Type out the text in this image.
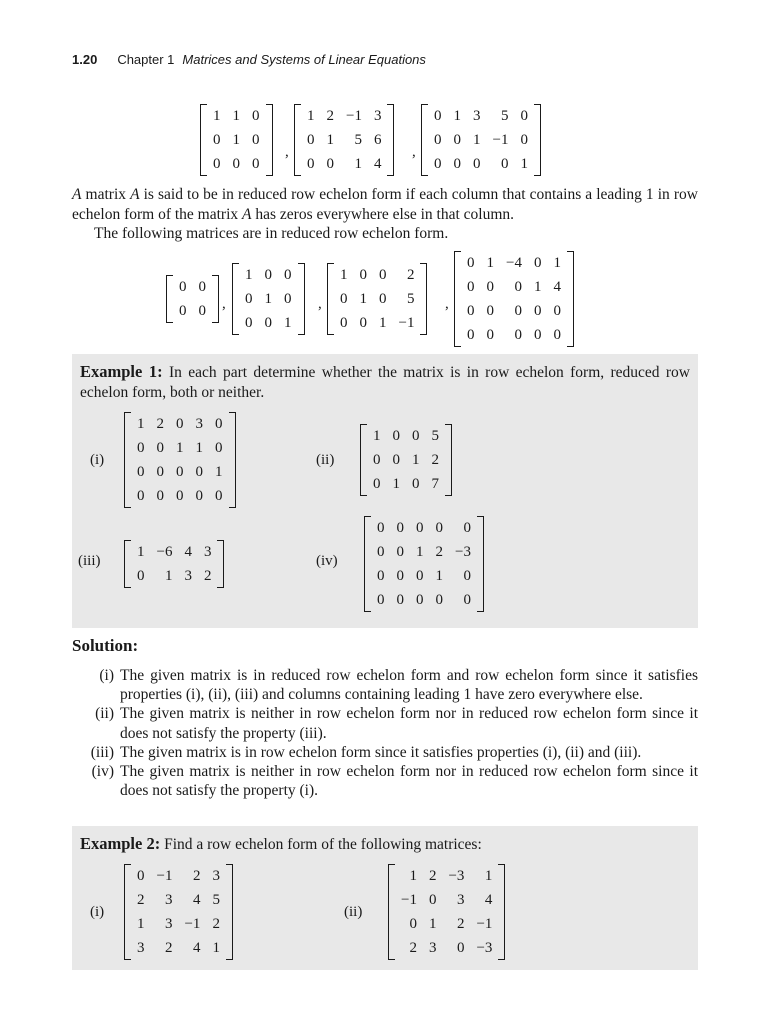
1.20 Chapter 1 Matrices and Systems of Linear Equations
1	1	0
0	1	0
0	0	0
,
1	2	−1	3
0	1	5	6
0	0	1	4
,
0	1	3	5	0
0	0	1	−1	0
0	0	0	0	1
A matrix A is said to be in reduced row echelon form if each column that contains a leading 1 in row echelon form of the matrix A has zeros everywhere else in that column.
The following matrices are in reduced row echelon form.
0	0
0	0 ,
1	0	0
0	1	0
0	0	1
,
1	0	0	2
0	1	0	5
0	0	1	−1
,
0	1	−4	0	1
0	0	0	1	4
0	0	0	0	0
0	0	0	0	0
Example 1: In each part determine whether the matrix is in row echelon form, reduced row echelon form, both or neither.
(i)
1	2	0	3	0
0	0	1	1	0
0	0	0	0	1
0	0	0	0	0
(ii)
1	0	0	5
0	0	1	2
0	1	0	7
(iii)
1	−6	4	3
0	1	3	2
(iv)
0	0	0	0	0
0	0	1	2	−3
0	0	0	1	0
0	0	0	0	0
Solution:
(i) The given matrix is in reduced row echelon form and row echelon form since it satisfies properties (i), (ii), (iii) and columns containing leading 1 have zero everywhere else.
(ii) The given matrix is neither in row echelon form nor in reduced row echelon form since it does not satisfy the property (iii).
(iii) The given matrix is in row echelon form since it satisfies properties (i), (ii) and (iii).
(iv) The given matrix is neither in row echelon form nor in reduced row echelon form since it does not satisfy the property (i).
Example 2: Find a row echelon form of the following matrices:
(i)
0	−1	2	3
2	3	4	5
1	3	−1	2
3	2	4	1
(ii)
1	2	−3	1
−1	0	3	4
0	1	2	−1
2	3	0	−3
